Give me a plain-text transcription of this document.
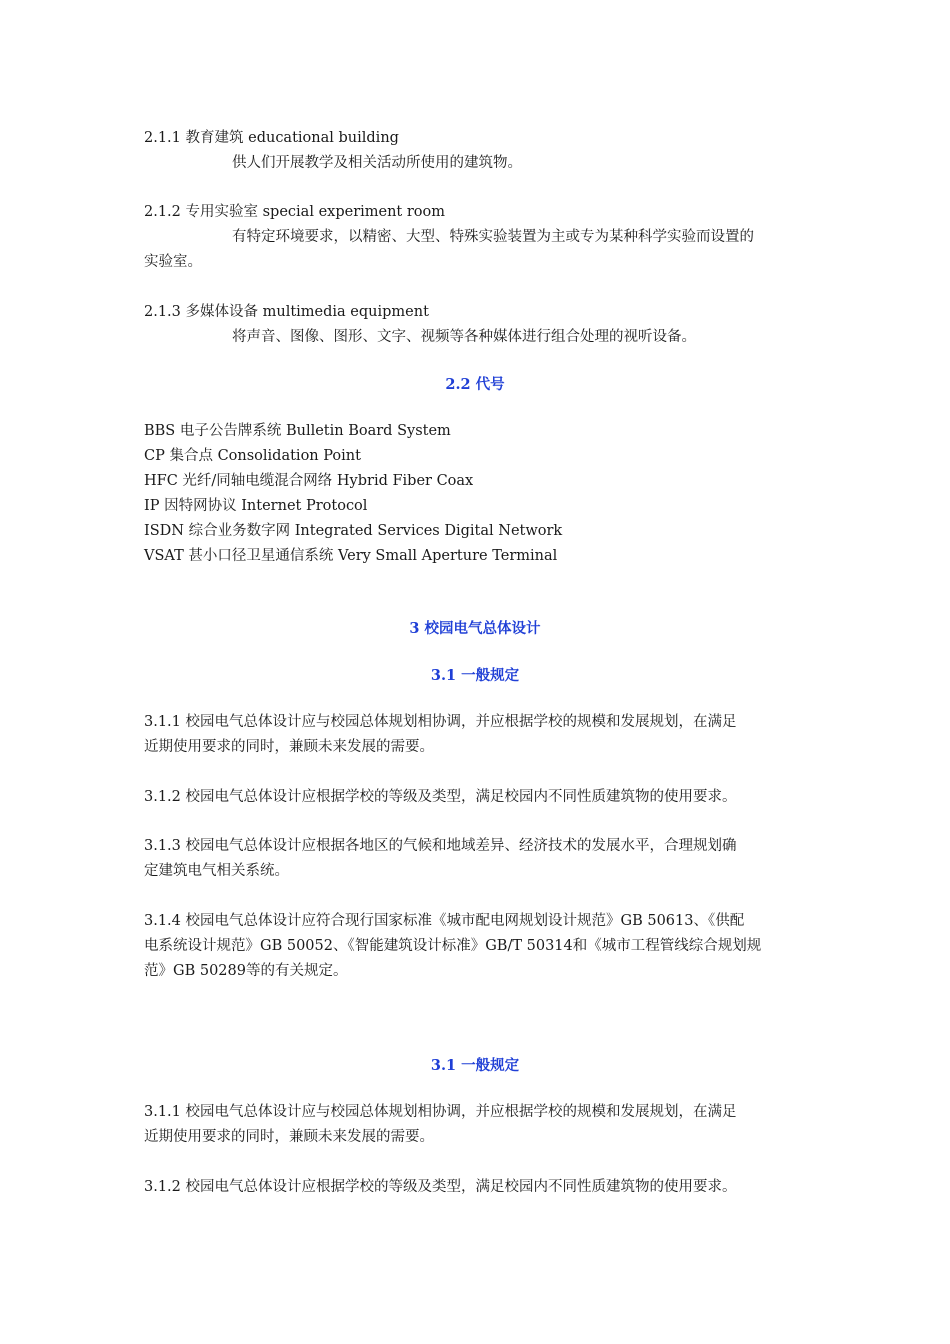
2.1.1 教育建筑 educational building
供人们开展教学及相关活动所使用的建筑物。
2.1.2 专用实验室 special experiment room
有特定环境要求，以精密、大型、特殊实验装置为主或专为某种科学实验而设置的
实验室。
2.1.3 多媒体设备 multimedia equipment
将声音、图像、图形、文字、视频等各种媒体进行组合处理的视听设备。
2.2 代号
BBS 电子公告牌系统 Bulletin Board System
CP 集合点 Consolidation Point
HFC 光纤/同轴电缆混合网络 Hybrid Fiber Coax
IP 因特网协议 Internet Protocol
ISDN 综合业务数字网 Integrated Services Digital Network
VSAT 甚小口径卫星通信系统 Very Small Aperture Terminal
3 校园电气总体设计
3.1 一般规定
3.1.1 校园电气总体设计应与校园总体规划相协调，并应根据学校的规模和发展规划，在满足
近期使用要求的同时，兼顾未来发展的需要。
3.1.2 校园电气总体设计应根据学校的等级及类型，满足校园内不同性质建筑物的使用要求。
3.1.3 校园电气总体设计应根据各地区的气候和地域差异、经济技术的发展水平，合理规划确
定建筑电气相关系统。
3.1.4 校园电气总体设计应符合现行国家标准《城市配电网规划设计规范》GB 50613、《供配
电系统设计规范》GB 50052、《智能建筑设计标准》GB/T 50314和《城市工程管线综合规划规
范》GB 50289等的有关规定。
3.1 一般规定
3.1.1 校园电气总体设计应与校园总体规划相协调，并应根据学校的规模和发展规划，在满足
近期使用要求的同时，兼顾未来发展的需要。
3.1.2 校园电气总体设计应根据学校的等级及类型，满足校园内不同性质建筑物的使用要求。
